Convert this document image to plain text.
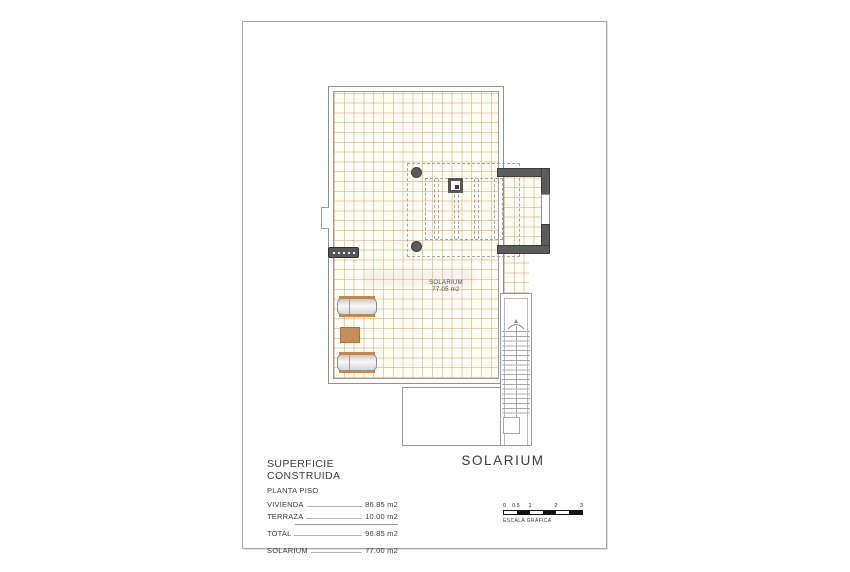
SOLARIUM
77.05 m2
SOLARIUM
SUPERFICIE CONSTRUIDA
PLANTA PISO
VIVIENDA	86.85 m2
TERRAZA	10.00 m2
TOTAL	96.85 m2
SOLARIUM	77.00 m2
0 0.5 1	2	3
ESCALA GRÁFICA
